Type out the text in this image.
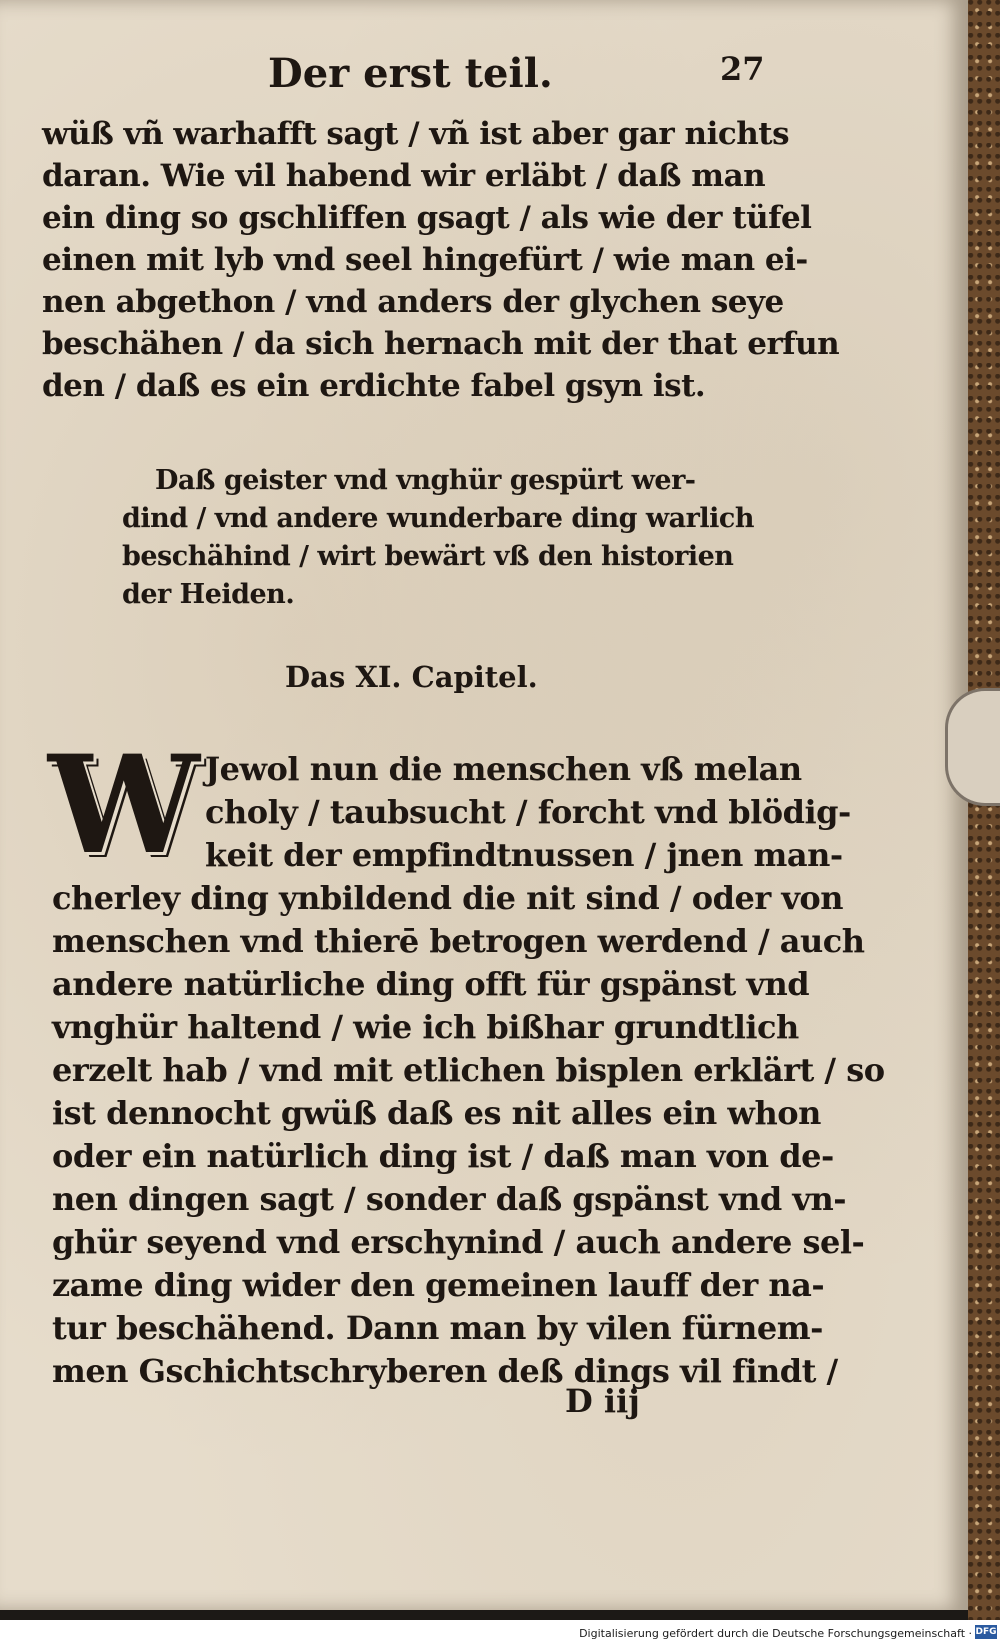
Der erst teil.	27
wüß vñ warhafft sagt / vñ ist aber gar nichts
daran. Wie vil habend wir erläbt / daß man
ein ding so gschliffen gsagt / als wie der tüfel
einen mit lyb vnd seel hingefürt / wie man ei-
nen abgethon / vnd anders der glychen seye
beschähen / da sich hernach mit der that erfun
den / daß es ein erdichte fabel gsyn ist.
Daß geister vnd vnghür gespürt wer-
dind / vnd andere wunderbare ding warlich
beschähind / wirt bewärt vß den historien
der Heiden.
Das XI. Capitel.
W Jewol nun die menschen vß melan
choly / taubsucht / forcht vnd blödig-
keit der empfindtnussen / jnen man-
cherley ding ynbildend die nit sind / oder von
menschen vnd thierē betrogen werdend / auch
andere natürliche ding offt für gspänst vnd
vnghür haltend / wie ich bißhar grundtlich
erzelt hab / vnd mit etlichen bisplen erklärt / so
ist dennocht gwüß daß es nit alles ein whon
oder ein natürlich ding ist / daß man von de-
nen dingen sagt / sonder daß gspänst vnd vn-
ghür seyend vnd erschynind / auch andere sel-
zame ding wider den gemeinen lauff der na-
tur beschähend. Dann man by vilen fürnem-
men Gschichtschryberen deß dings vil findt /
D iij
Digitalisierung gefördert durch die Deutsche Forschungsgemeinschaft · DFG
